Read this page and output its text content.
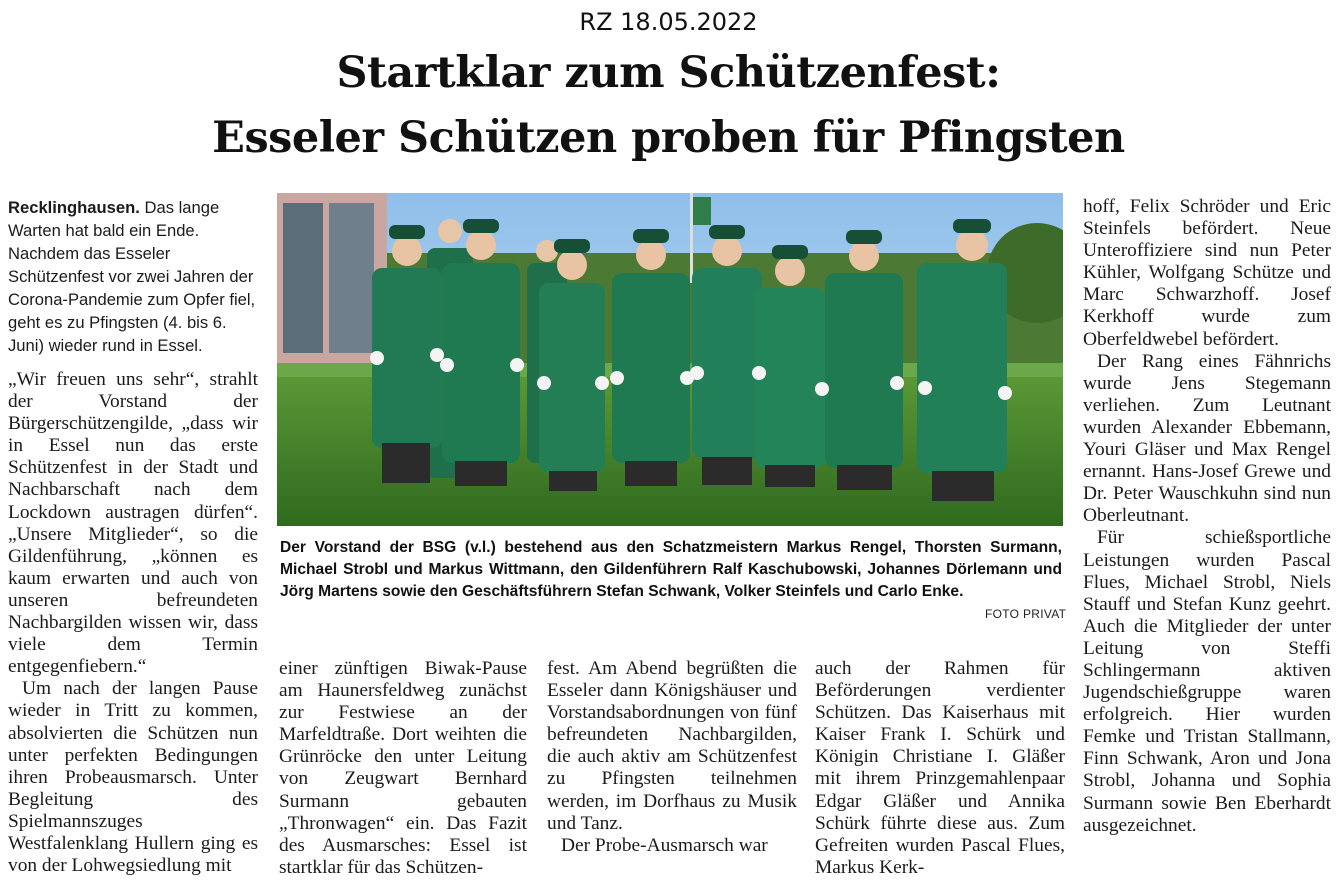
RZ 18.05.2022
Startklar zum Schützenfest:
Esseler Schützen proben für Pfingsten
Recklinghausen. Das lange Warten hat bald ein Ende. Nachdem das Esseler Schützenfest vor zwei Jahren der Corona-Pandemie zum Opfer fiel, geht es zu Pfingsten (4. bis 6. Juni) wieder rund in Essel.

„Wir freuen uns sehr“, strahlt der Vorstand der Bürgerschützengilde, „dass wir in Essel nun das erste Schützenfest in der Stadt und Nachbarschaft nach dem Lockdown austragen dürfen“. „Unsere Mitglieder“, so die Gildenführung, „können es kaum erwarten und auch von unseren befreundeten Nachbargilden wissen wir, dass viele dem Termin entgegenfiebern.“

Um nach der langen Pause wieder in Tritt zu kommen, absolvierten die Schützen nun unter perfekten Bedingungen ihren Probeausmarsch. Unter Begleitung des Spielmannszuges Westfalenklang Hullern ging es von der Lohwegsiedlung mit

Der Vorstand der BSG (v.l.) bestehend aus den Schatzmeistern Markus Rengel, Thorsten Surmann, Michael Strobl und Markus Wittmann, den Gildenführern Ralf Kaschubowski, Johannes Dörlemann und Jörg Martens sowie den Geschäftsführern Stefan Schwank, Volker Steinfels und Carlo Enke.
FOTO PRIVAT

einer zünftigen Biwak-Pause am Haunersfeldweg zunächst zur Festwiese an der Marfeldtraße. Dort weihten die Grünröcke den unter Leitung von Zeugwart Bernhard Surmann gebauten „Thronwagen“ ein. Das Fazit des Ausmarsches: Essel ist startklar für das Schützen-

fest. Am Abend begrüßten die Esseler dann Königshäuser und Vorstandsabordnungen von fünf befreundeten Nachbargilden, die auch aktiv am Schützenfest zu Pfingsten teilnehmen werden, im Dorfhaus zu Musik und Tanz.

Der Probe-Ausmarsch war

auch der Rahmen für Beförderungen verdienter Schützen. Das Kaiserhaus mit Kaiser Frank I. Schürk und Königin Christiane I. Gläßer mit ihrem Prinzgemahlenpaar Edgar Gläßer und Annika Schürk führte diese aus. Zum Gefreiten wurden Pascal Flues, Markus Kerk-

hoff, Felix Schröder und Eric Steinfels befördert. Neue Unteroffiziere sind nun Peter Kühler, Wolfgang Schütze und Marc Schwarzhoff. Josef Kerkhoff wurde zum Oberfeldwebel befördert.

Der Rang eines Fähnrichs wurde Jens Stegemann verliehen. Zum Leutnant wurden Alexander Ebbemann, Youri Gläser und Max Rengel ernannt. Hans-Josef Grewe und Dr. Peter Wauschkuhn sind nun Oberleutnant.

Für schießsportliche Leistungen wurden Pascal Flues, Michael Strobl, Niels Stauff und Stefan Kunz geehrt. Auch die Mitglieder der unter Leitung von Steffi Schlingermann aktiven Jugendschießgruppe waren erfolgreich. Hier wurden Femke und Tristan Stallmann, Finn Schwank, Aron und Jona Strobl, Johanna und Sophia Surmann sowie Ben Eberhardt ausgezeichnet.
